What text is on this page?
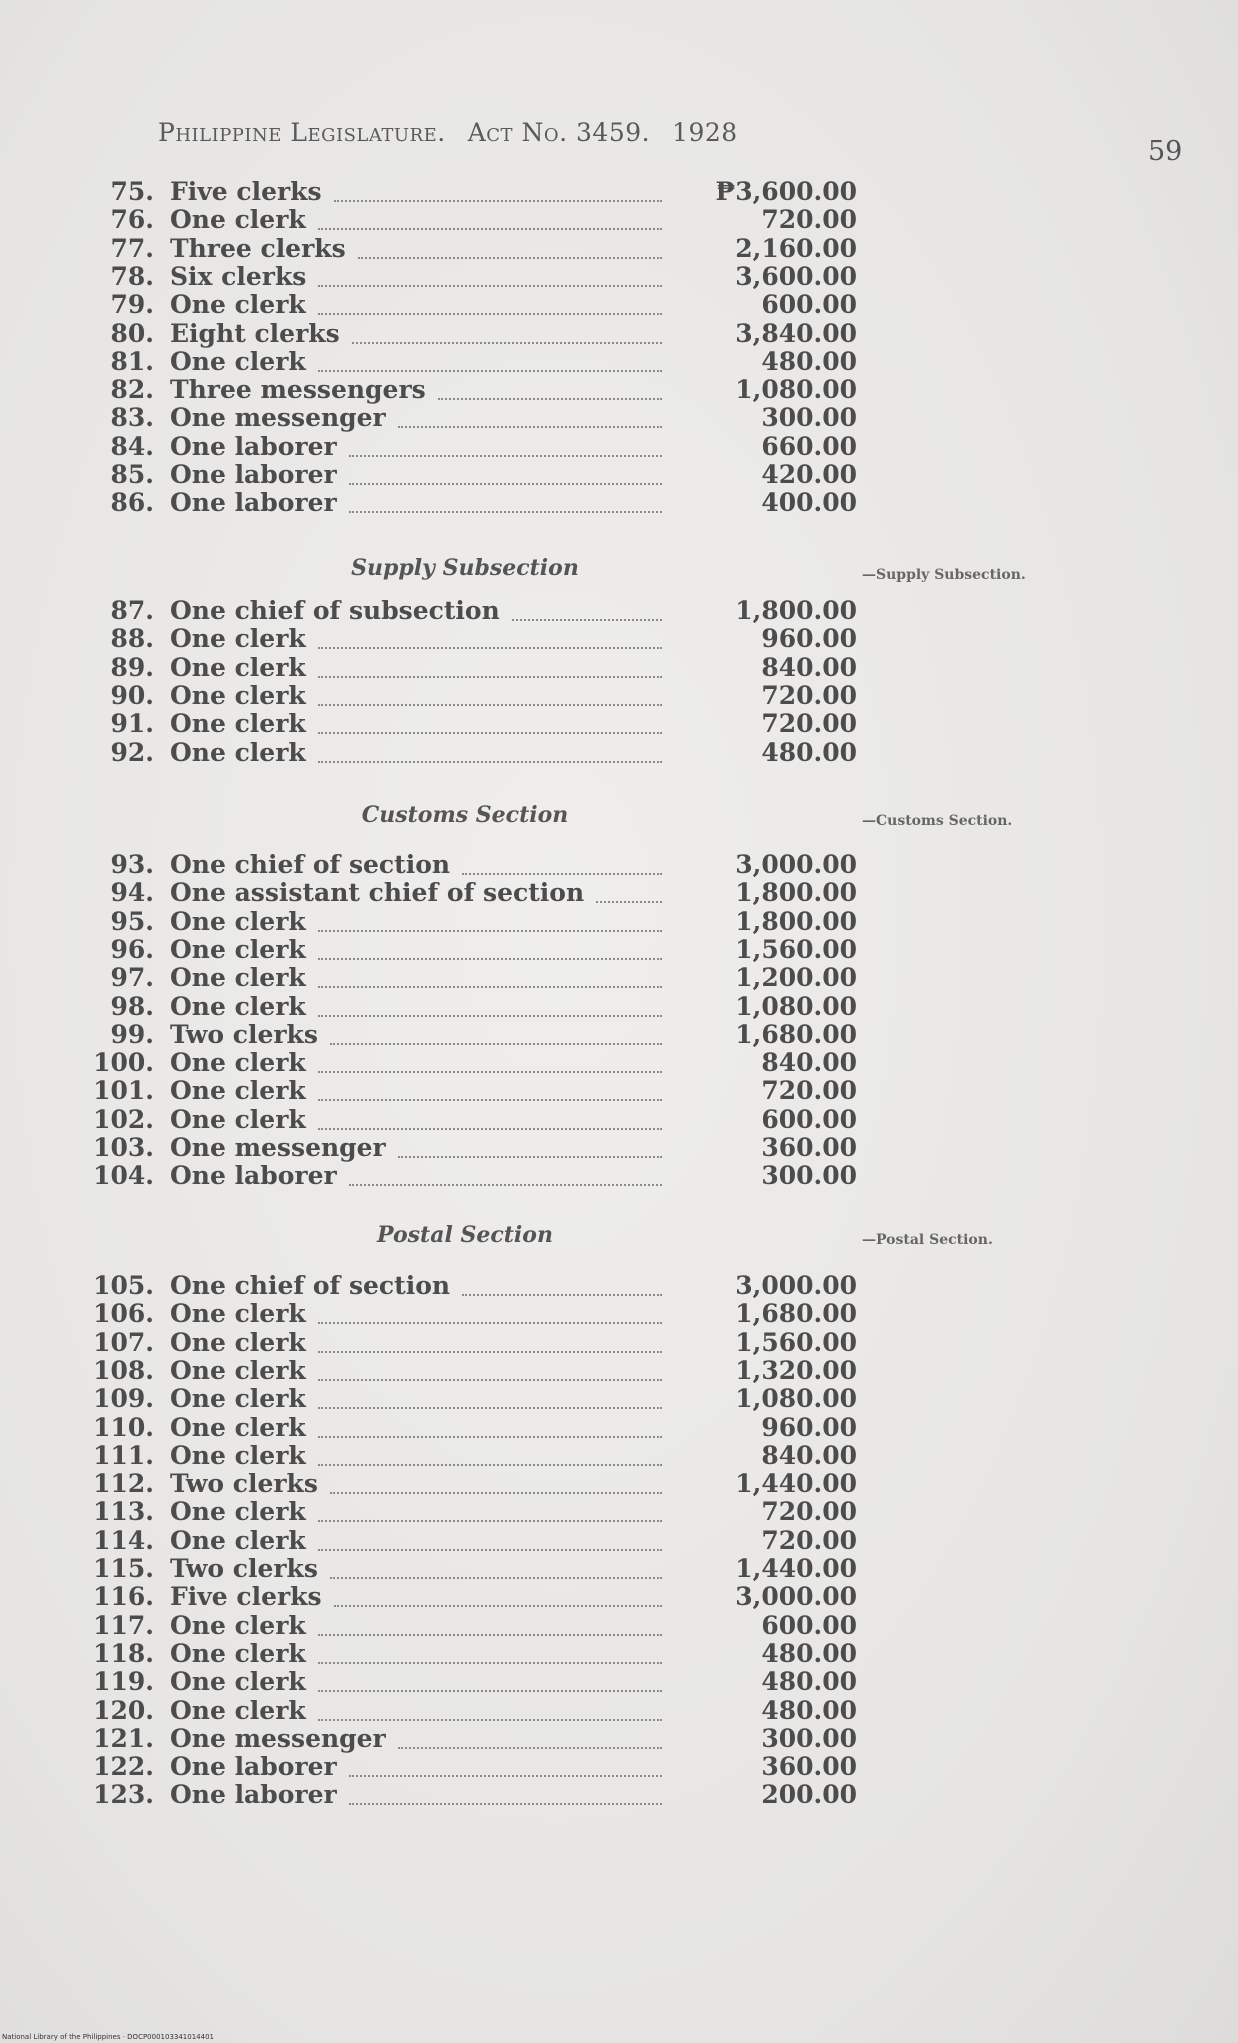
Philippine Legislature. Act No. 3459. 1928
59
75. Five clerks	₱3,600.00
76. One clerk	720.00
77. Three clerks	2,160.00
78. Six clerks	3,600.00
79. One clerk	600.00
80. Eight clerks	3,840.00
81. One clerk	480.00
82. Three messengers	1,080.00
83. One messenger	300.00
84. One laborer	660.00
85. One laborer	420.00
86. One laborer	400.00
Supply Subsection	—Supply Subsection.
87. One chief of subsection	1,800.00
88. One clerk	960.00
89. One clerk	840.00
90. One clerk	720.00
91. One clerk	720.00
92. One clerk	480.00
Customs Section	—Customs Section.
93. One chief of section	3,000.00
94. One assistant chief of section	1,800.00
95. One clerk	1,800.00
96. One clerk	1,560.00
97. One clerk	1,200.00
98. One clerk	1,080.00
99. Two clerks	1,680.00
100. One clerk	840.00
101. One clerk	720.00
102. One clerk	600.00
103. One messenger	360.00
104. One laborer	300.00
Postal Section	—Postal Section.
105. One chief of section	3,000.00
106. One clerk	1,680.00
107. One clerk	1,560.00
108. One clerk	1,320.00
109. One clerk	1,080.00
110. One clerk	960.00
111. One clerk	840.00
112. Two clerks	1,440.00
113. One clerk	720.00
114. One clerk	720.00
115. Two clerks	1,440.00
116. Five clerks	3,000.00
117. One clerk	600.00
118. One clerk	480.00
119. One clerk	480.00
120. One clerk	480.00
121. One messenger	300.00
122. One laborer	360.00
123. One laborer	200.00
National Library of the Philippines · DOCP000103341014401
